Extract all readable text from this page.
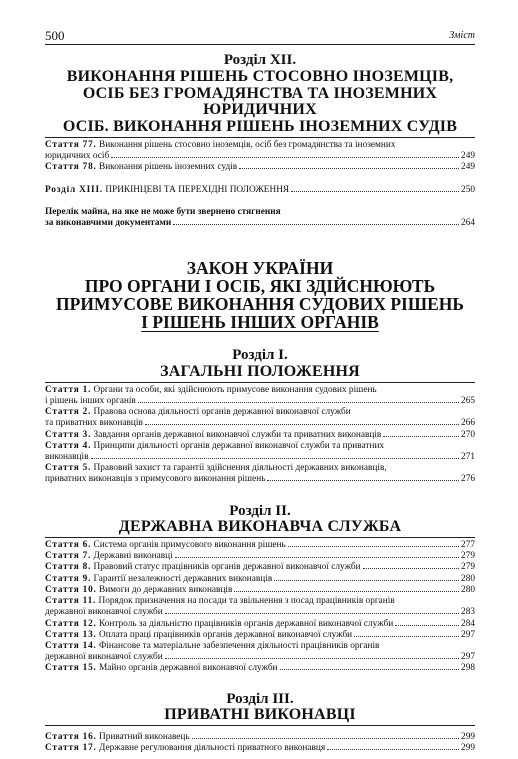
500	Зміст
Розділ XII.
ВИКОНАННЯ РІШЕНЬ СТОСОВНО ІНОЗЕМЦІВ,
ОСІБ БЕЗ ГРОМАДЯНСТВА ТА ІНОЗЕМНИХ ЮРИДИЧНИХ
ОСІБ. ВИКОНАННЯ РІШЕНЬ ІНОЗЕМНИХ СУДІВ
Стаття 77. Виконання рішень стосовно іноземців, осіб без громадянства та іноземних
юридичних осіб	249
Стаття 78. Виконання рішень іноземних судів	249
Розділ XIII. ПРИКІНЦЕВІ ТА ПЕРЕХІДНІ ПОЛОЖЕННЯ	250
Перелік майна, на яке не може бути звернено стягнення
за виконавчими документами	264
ЗАКОН УКРАЇНИ
ПРО ОРГАНИ І ОСІБ, ЯКІ ЗДІЙСНЮЮТЬ
ПРИМУСОВЕ ВИКОНАННЯ СУДОВИХ РІШЕНЬ
І РІШЕНЬ ІНШИХ ОРГАНІВ
Розділ I.
ЗАГАЛЬНІ ПОЛОЖЕННЯ
Стаття 1. Органи та особи, які здійснюють примусове виконання судових рішень
і рішень інших органів	265
Стаття 2. Правова основа діяльності органів державної виконавчої служби
та приватних виконавців	266
Стаття 3. Завдання органів державної виконавчої служби та приватних виконавців	270
Стаття 4. Принципи діяльності органів державної виконавчої служби та приватних
виконавців	271
Стаття 5. Правовий захист та гарантії здійснення діяльності державних виконавців,
приватних виконавців з примусового виконання рішень	276
Розділ II.
ДЕРЖАВНА ВИКОНАВЧА СЛУЖБА
Стаття 6. Система органів примусового виконання рішень	277
Стаття 7. Державні виконавці	279
Стаття 8. Правовий статус працівників органів державної виконавчої служби	279
Стаття 9. Гарантії незалежності державних виконавців	280
Стаття 10. Вимоги до державних виконавців	280
Стаття 11. Порядок призначення на посади та звільнення з посад працівників органів
державної виконавчої служби	283
Стаття 12. Контроль за діяльністю працівників органів державної виконавчої служби	284
Стаття 13. Оплата праці працівників органів державної виконавчої служби	297
Стаття 14. Фінансове та матеріальне забезпечення діяльності працівників органів
державної виконавчої служби	297
Стаття 15. Майно органів державної виконавчої служби	298
Розділ III.
ПРИВАТНІ ВИКОНАВЦІ
Стаття 16. Приватний виконавець	299
Стаття 17. Державне регулювання діяльності приватного виконавця	299
